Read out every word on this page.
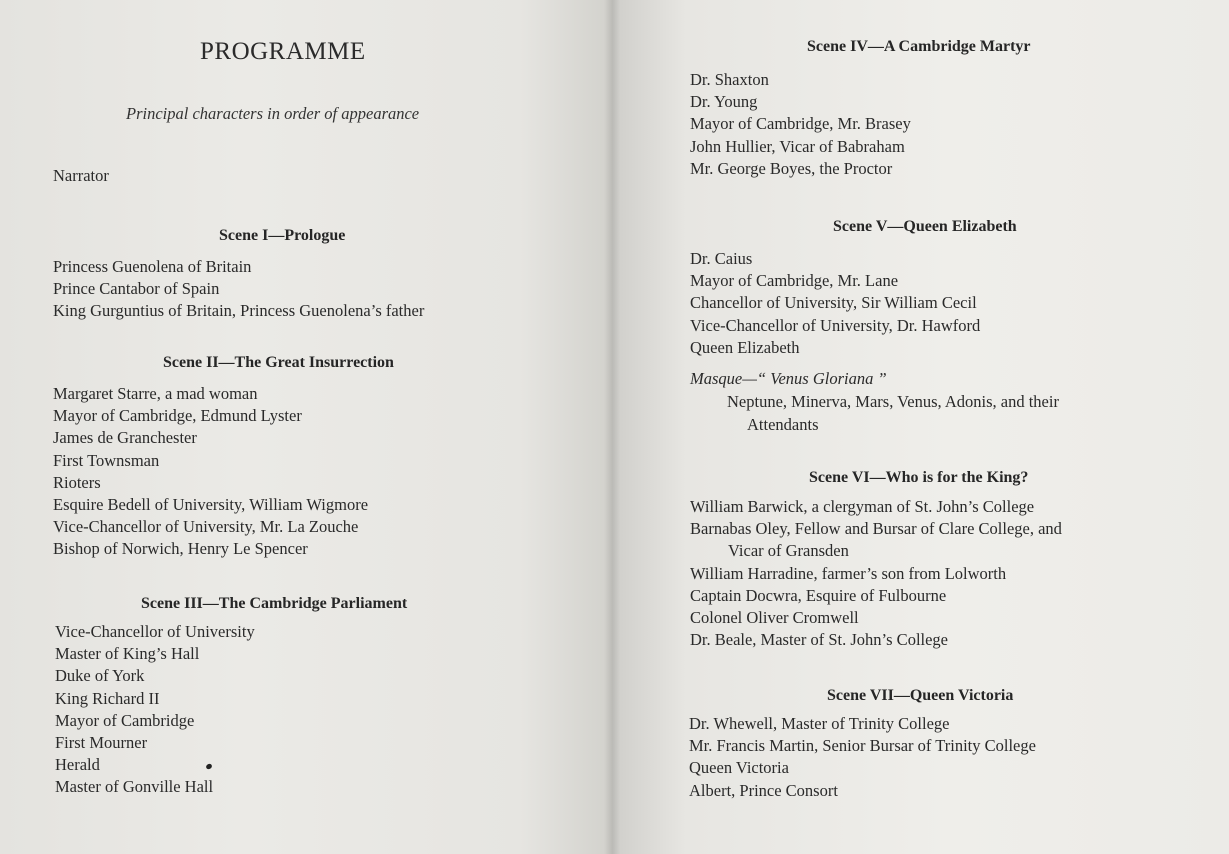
PROGRAMME
Principal characters in order of appearance
Narrator
Scene I—Prologue
Princess Guenolena of Britain
Prince Cantabor of Spain
King Gurguntius of Britain, Princess Guenolena’s father
Scene II—The Great Insurrection
Margaret Starre, a mad woman
Mayor of Cambridge, Edmund Lyster
James de Granchester
First Townsman
Rioters
Esquire Bedell of University, William Wigmore
Vice-Chancellor of University, Mr. La Zouche
Bishop of Norwich, Henry Le Spencer
Scene III—The Cambridge Parliament
Vice-Chancellor of University
Master of King’s Hall
Duke of York
King Richard II
Mayor of Cambridge
First Mourner
Herald
Master of Gonville Hall
Scene IV—A Cambridge Martyr
Dr. Shaxton
Dr. Young
Mayor of Cambridge, Mr. Brasey
John Hullier, Vicar of Babraham
Mr. George Boyes, the Proctor
Scene V—Queen Elizabeth
Dr. Caius
Mayor of Cambridge, Mr. Lane
Chancellor of University, Sir William Cecil
Vice-Chancellor of University, Dr. Hawford
Queen Elizabeth
Masque—“ Venus Gloriana ”
Neptune, Minerva, Mars, Venus, Adonis, and their
Attendants
Scene VI—Who is for the King?
William Barwick, a clergyman of St. John’s College
Barnabas Oley, Fellow and Bursar of Clare College, and
Vicar of Gransden
William Harradine, farmer’s son from Lolworth
Captain Docwra, Esquire of Fulbourne
Colonel Oliver Cromwell
Dr. Beale, Master of St. John’s College
Scene VII—Queen Victoria
Dr. Whewell, Master of Trinity College
Mr. Francis Martin, Senior Bursar of Trinity College
Queen Victoria
Albert, Prince Consort
